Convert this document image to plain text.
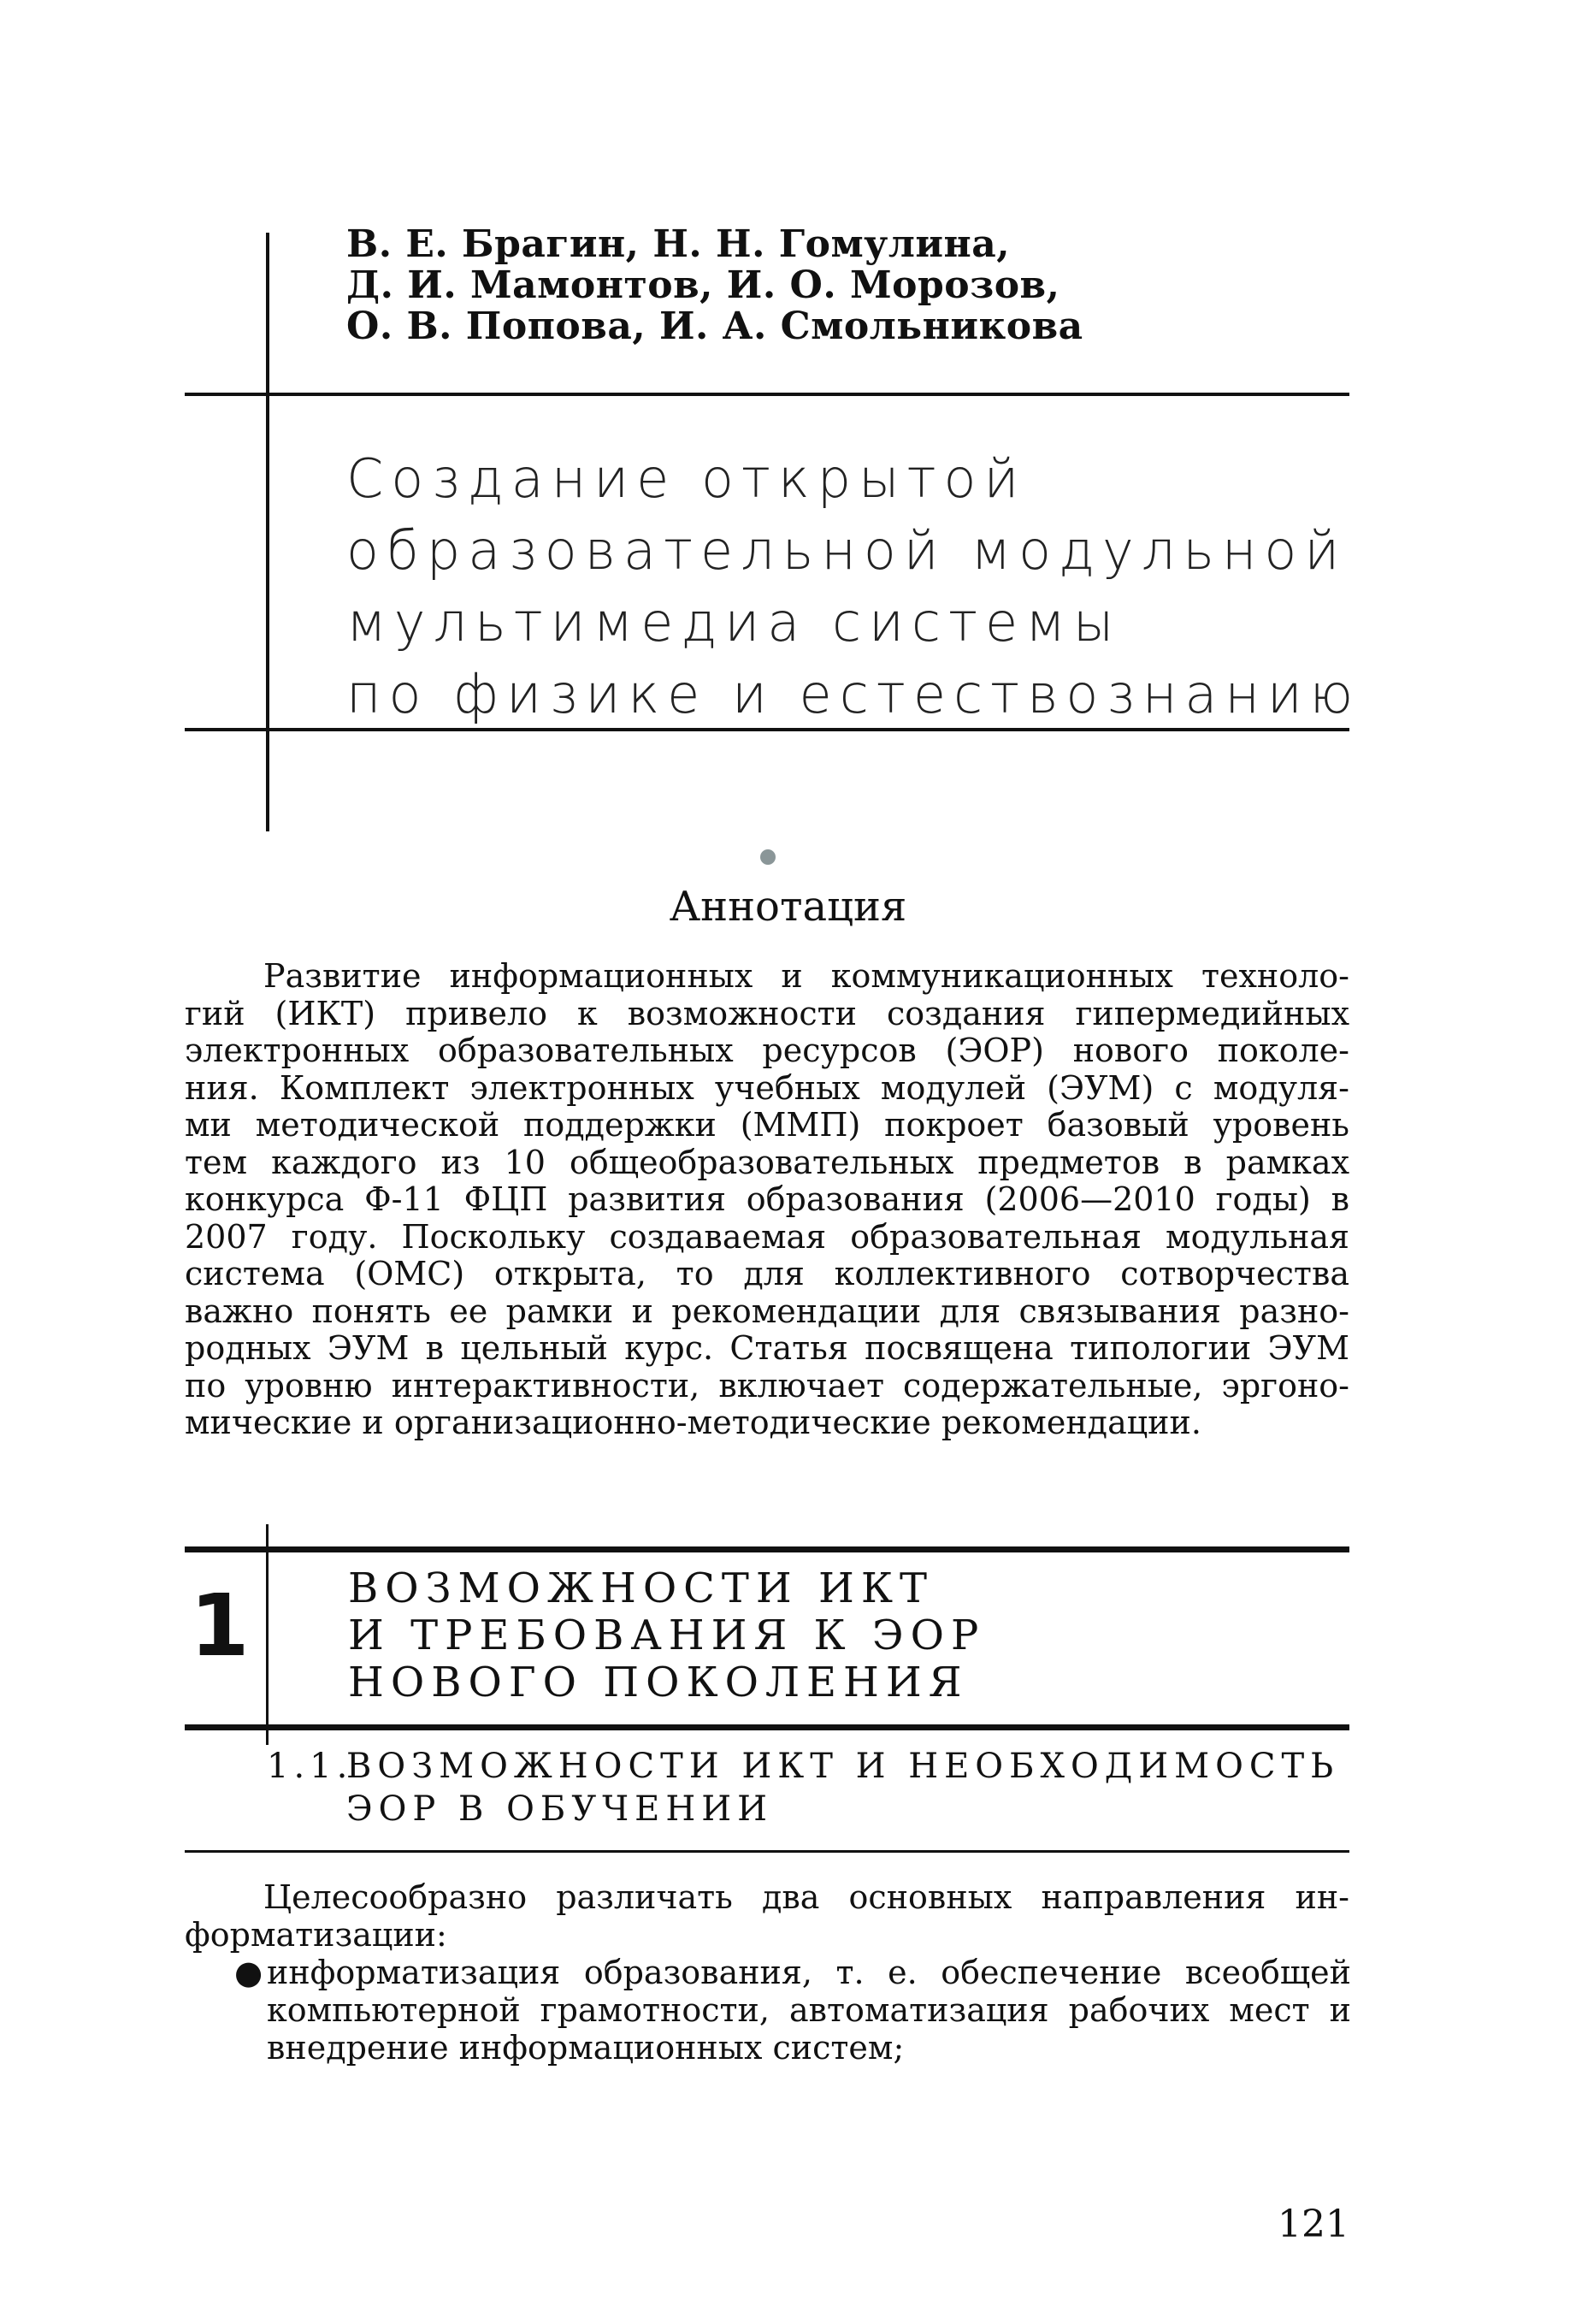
В. Е. Брагин, Н. Н. Гомулина,
Д. И. Мамонтов, И. О. Морозов,
О. В. Попова, И. А. Смольникова
Создание открытой
образовательной модульной
мультимедиа системы
по физике и естествознанию
Аннотация
Развитие информационных и коммуникационных техноло-
гий (ИКТ) привело к возможности создания гипермедийных
электронных образовательных ресурсов (ЭОР) нового поколе-
ния. Комплект электронных учебных модулей (ЭУМ) с модуля-
ми методической поддержки (ММП) покроет базовый уровень
тем каждого из 10 общеобразовательных предметов в рамках
конкурса Ф-11 ФЦП развития образования (2006—2010 годы) в
2007 году. Поскольку создаваемая образовательная модульная
система (ОМС) открыта, то для коллективного сотворчества
важно понять ее рамки и рекомендации для связывания разно-
родных ЭУМ в цельный курс. Статья посвящена типологии ЭУМ
по уровню интерактивности, включает содержательные, эргоно-
мические и организационно-методические рекомендации.
1 ВОЗМОЖНОСТИ ИКТ
И ТРЕБОВАНИЯ К ЭОР
НОВОГО ПОКОЛЕНИЯ
1.1.
ВОЗМОЖНОСТИ ИКТ И НЕОБХОДИМОСТЬ
ЭОР В ОБУЧЕНИИ
Целесообразно различать два основных направления ин-
форматизации:
● информатизация образования, т. е. обеспечение всеобщей
компьютерной грамотности, автоматизация рабочих мест и
внедрение информационных систем;
121
